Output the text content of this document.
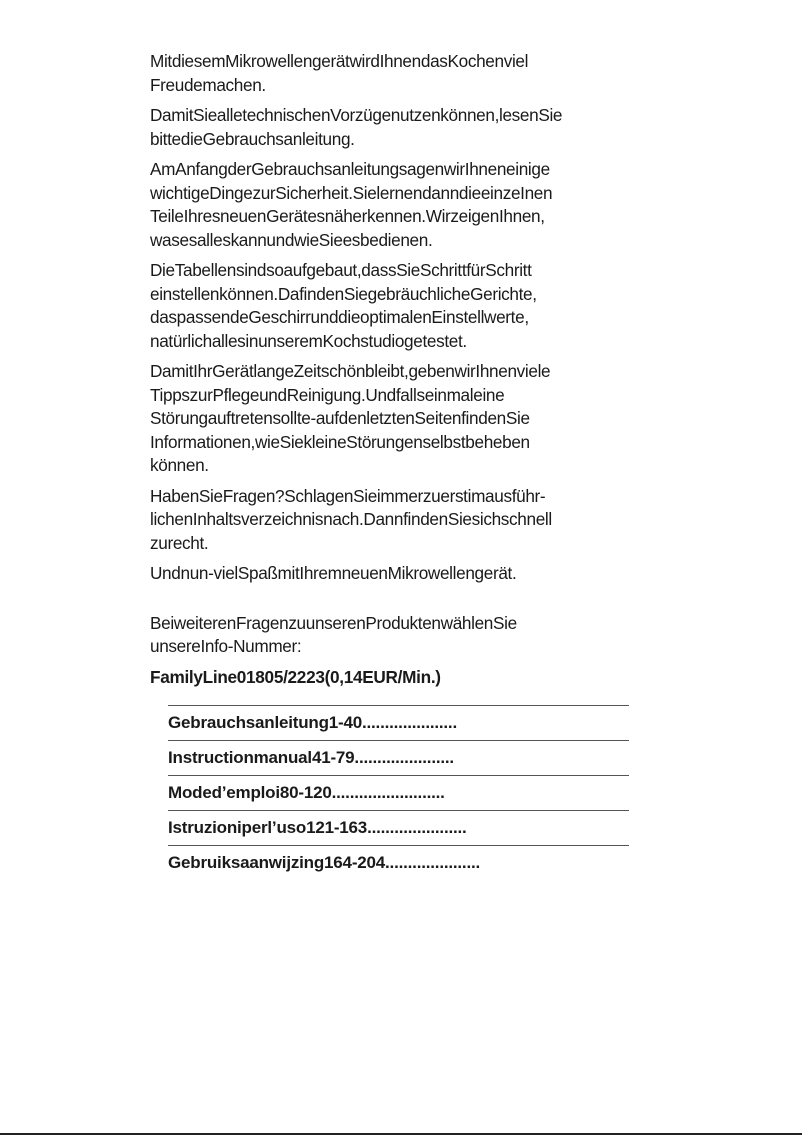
MitdiesemMikrowellengerätwirdIhnendasKochenviel
Freudemachen.

DamitSiealletechnischenVorzügenutzenkönnen,lesenSie
bittedieGebrauchsanleitung.

AmAnfangderGebrauchsanleitungsagenwirIhneneinige
wichtigeDingezurSicherheit.SielernendanndieeinzeInen
TeileIhresneuenGerätesnäherkennen.WirzeigenIhnen,
wasesalleskannundwieSieesbedienen.

DieTabellensindsoaufgebaut,dassSieSchrittfürSchritt
einstellenkönnen.DafindenSiegebräuchlicheGerichte,
daspassendeGeschirrunddieoptimalenEinstellwerte,
natürlichallesinunseremKochstudiogetestet.

DamitIhrGerätlangeZeitschönbleibt,gebenwirIhnenviele
TippszurPflegeundReinigung.Undfallseinmaleine
Störungauftretensollte-aufdenletztenSeitenfindenSie
Informationen,wieSiekleineStörungenselbstbeheben
können.

HabenSieFragen?SchlagenSieimmerzuerstimausführ-
lichenInhaltsverzeichnisnach.DannfindenSiesichschnell
zurecht.

Undnun-vielSpaßmitIhremneuenMikrowellengerät.

BeiweiterenFragenzuunserenProduktenwählenSie
unsereInfo-Nummer:

FamilyLine01805/2223(0,14EUR/Min.)

Gebrauchsanleitung1-40.....................
Instructionmanual41-79......................
Moded’emploi80-120.........................
Istruzioniperl’uso121-163......................
Gebruiksaanwijzing164-204.....................
